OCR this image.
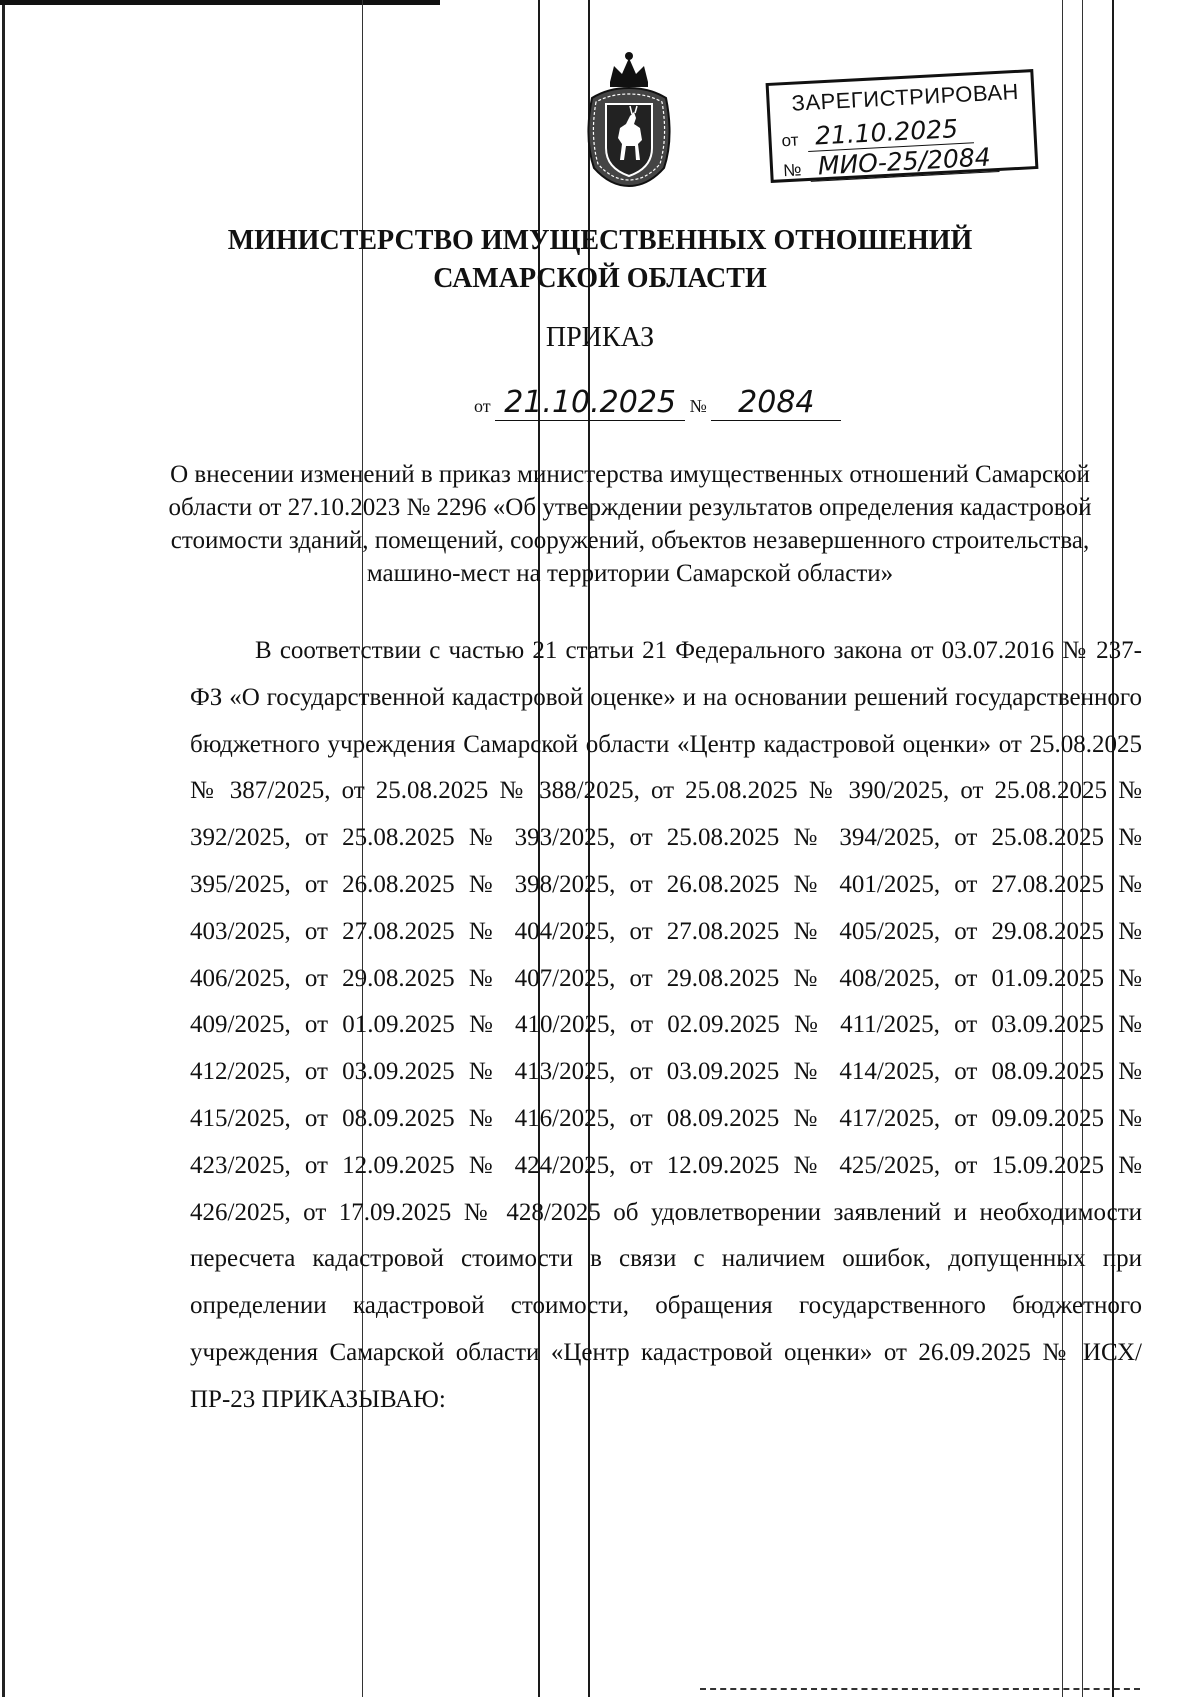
ЗАРЕГИСТРИРОВАН
от 21.10.2025
№ МИО-25/2084
МИНИСТЕРСТВО ИМУЩЕСТВЕННЫХ ОТНОШЕНИЙ
САМАРСКОЙ ОБЛАСТИ
ПРИКАЗ
от 21.10.2025 № 2084
О внесении изменений в приказ министерства имущественных отношений Самарской области от 27.10.2023 № 2296 «Об утверждении результатов определения кадастровой стоимости зданий, помещений, сооружений, объектов незавершенного строительства, машино-мест на территории Самарской области»
В соответствии с частью 21 статьи 21 Федерального закона от 03.07.2016 № 237-ФЗ «О государственной кадастровой оценке» и на основании решений государственного бюджетного учреждения Самарской области «Центр кадастровой оценки» от 25.08.2025 № 387/2025, от 25.08.2025 № 388/2025, от 25.08.2025 № 390/2025, от 25.08.2025 № 392/2025, от 25.08.2025 № 393/2025, от 25.08.2025 № 394/2025, от 25.08.2025 № 395/2025, от 26.08.2025 № 398/2025, от 26.08.2025 № 401/2025, от 27.08.2025 № 403/2025, от 27.08.2025 № 404/2025, от 27.08.2025 № 405/2025, от 29.08.2025 № 406/2025, от 29.08.2025 № 407/2025, от 29.08.2025 № 408/2025, от 01.09.2025 № 409/2025, от 01.09.2025 № 410/2025, от 02.09.2025 № 411/2025, от 03.09.2025 № 412/2025, от 03.09.2025 № 413/2025, от 03.09.2025 № 414/2025, от 08.09.2025 № 415/2025, от 08.09.2025 № 416/2025, от 08.09.2025 № 417/2025, от 09.09.2025 № 423/2025, от 12.09.2025 № 424/2025, от 12.09.2025 № 425/2025, от 15.09.2025 № 426/2025, от 17.09.2025 № 428/2025 об удовлетворении заявлений и необходимости пересчета кадастровой стоимости в связи с наличием ошибок, допущенных при определении кадастровой стоимости, обращения государственного бюджетного учреждения Самарской области «Центр кадастровой оценки» от 26.09.2025 № ИСХ/ПР-23 ПРИКАЗЫВАЮ:
